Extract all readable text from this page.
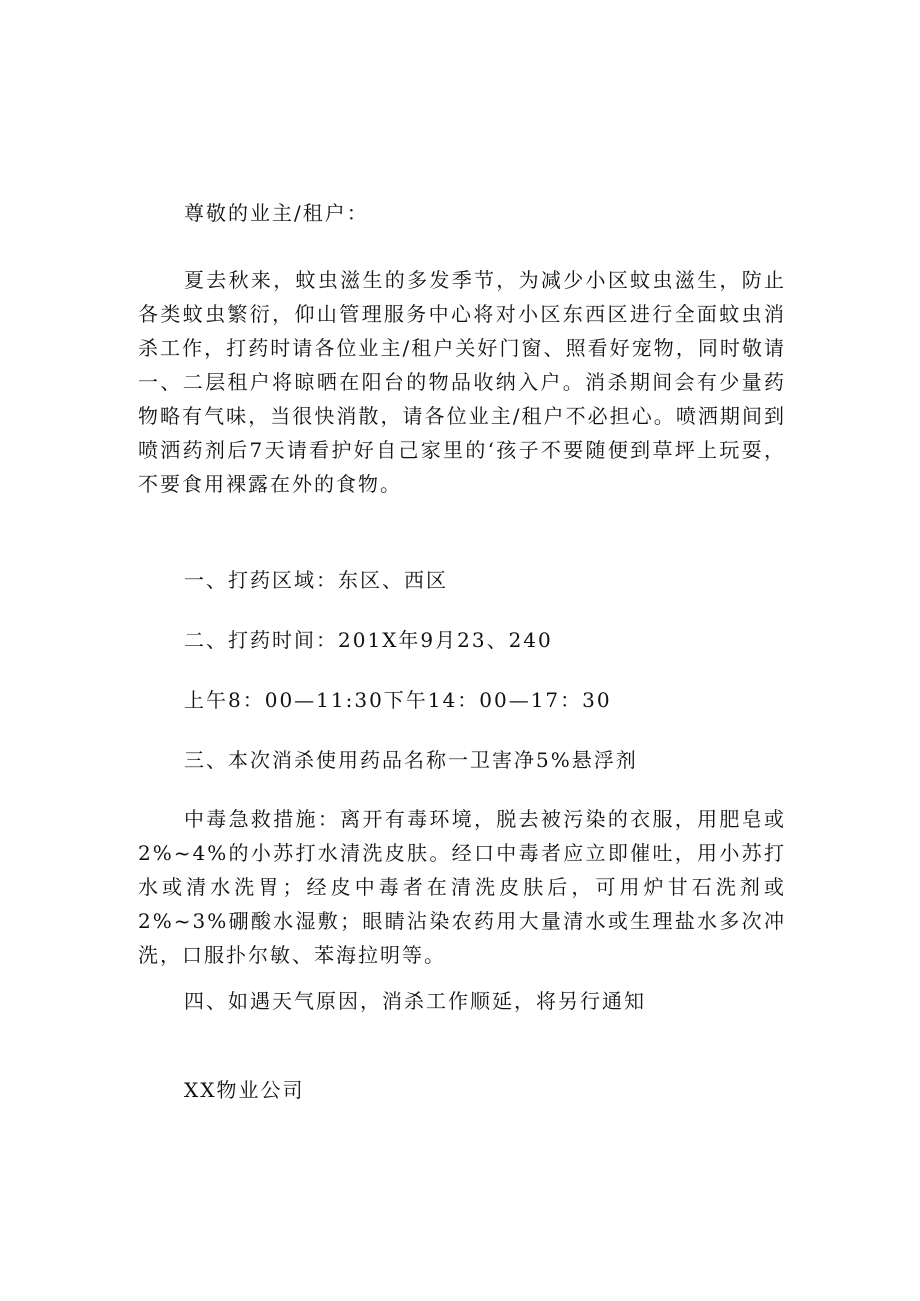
尊敬的业主/租户：

夏去秋来，蚊虫滋生的多发季节，为减少小区蚊虫滋生，防止各类蚊虫繁衍，仰山管理服务中心将对小区东西区进行全面蚊虫消杀工作，打药时请各位业主/租户关好门窗、照看好宠物，同时敬请一、二层租户将晾晒在阳台的物品收纳入户。消杀期间会有少量药物略有气味，当很快消散，请各位业主/租户不必担心。喷洒期间到喷洒药剂后7天请看护好自己家里的‘孩子不要随便到草坪上玩耍，不要食用裸露在外的食物。

一、打药区域：东区、西区

二、打药时间：201X年9月23、240

上午8：00—11:30下午14：00—17：30

三、本次消杀使用药品名称一卫害净5%悬浮剂

中毒急救措施：离开有毒环境，脱去被污染的衣服，用肥皂或2%~4%的小苏打水清洗皮肤。经口中毒者应立即催吐，用小苏打水或清水洗胃；经皮中毒者在清洗皮肤后，可用炉甘石洗剂或2%~3%硼酸水湿敷；眼睛沾染农药用大量清水或生理盐水多次冲洗，口服扑尔敏、苯海拉明等。

四、如遇天气原因，消杀工作顺延，将另行通知

XX物业公司
